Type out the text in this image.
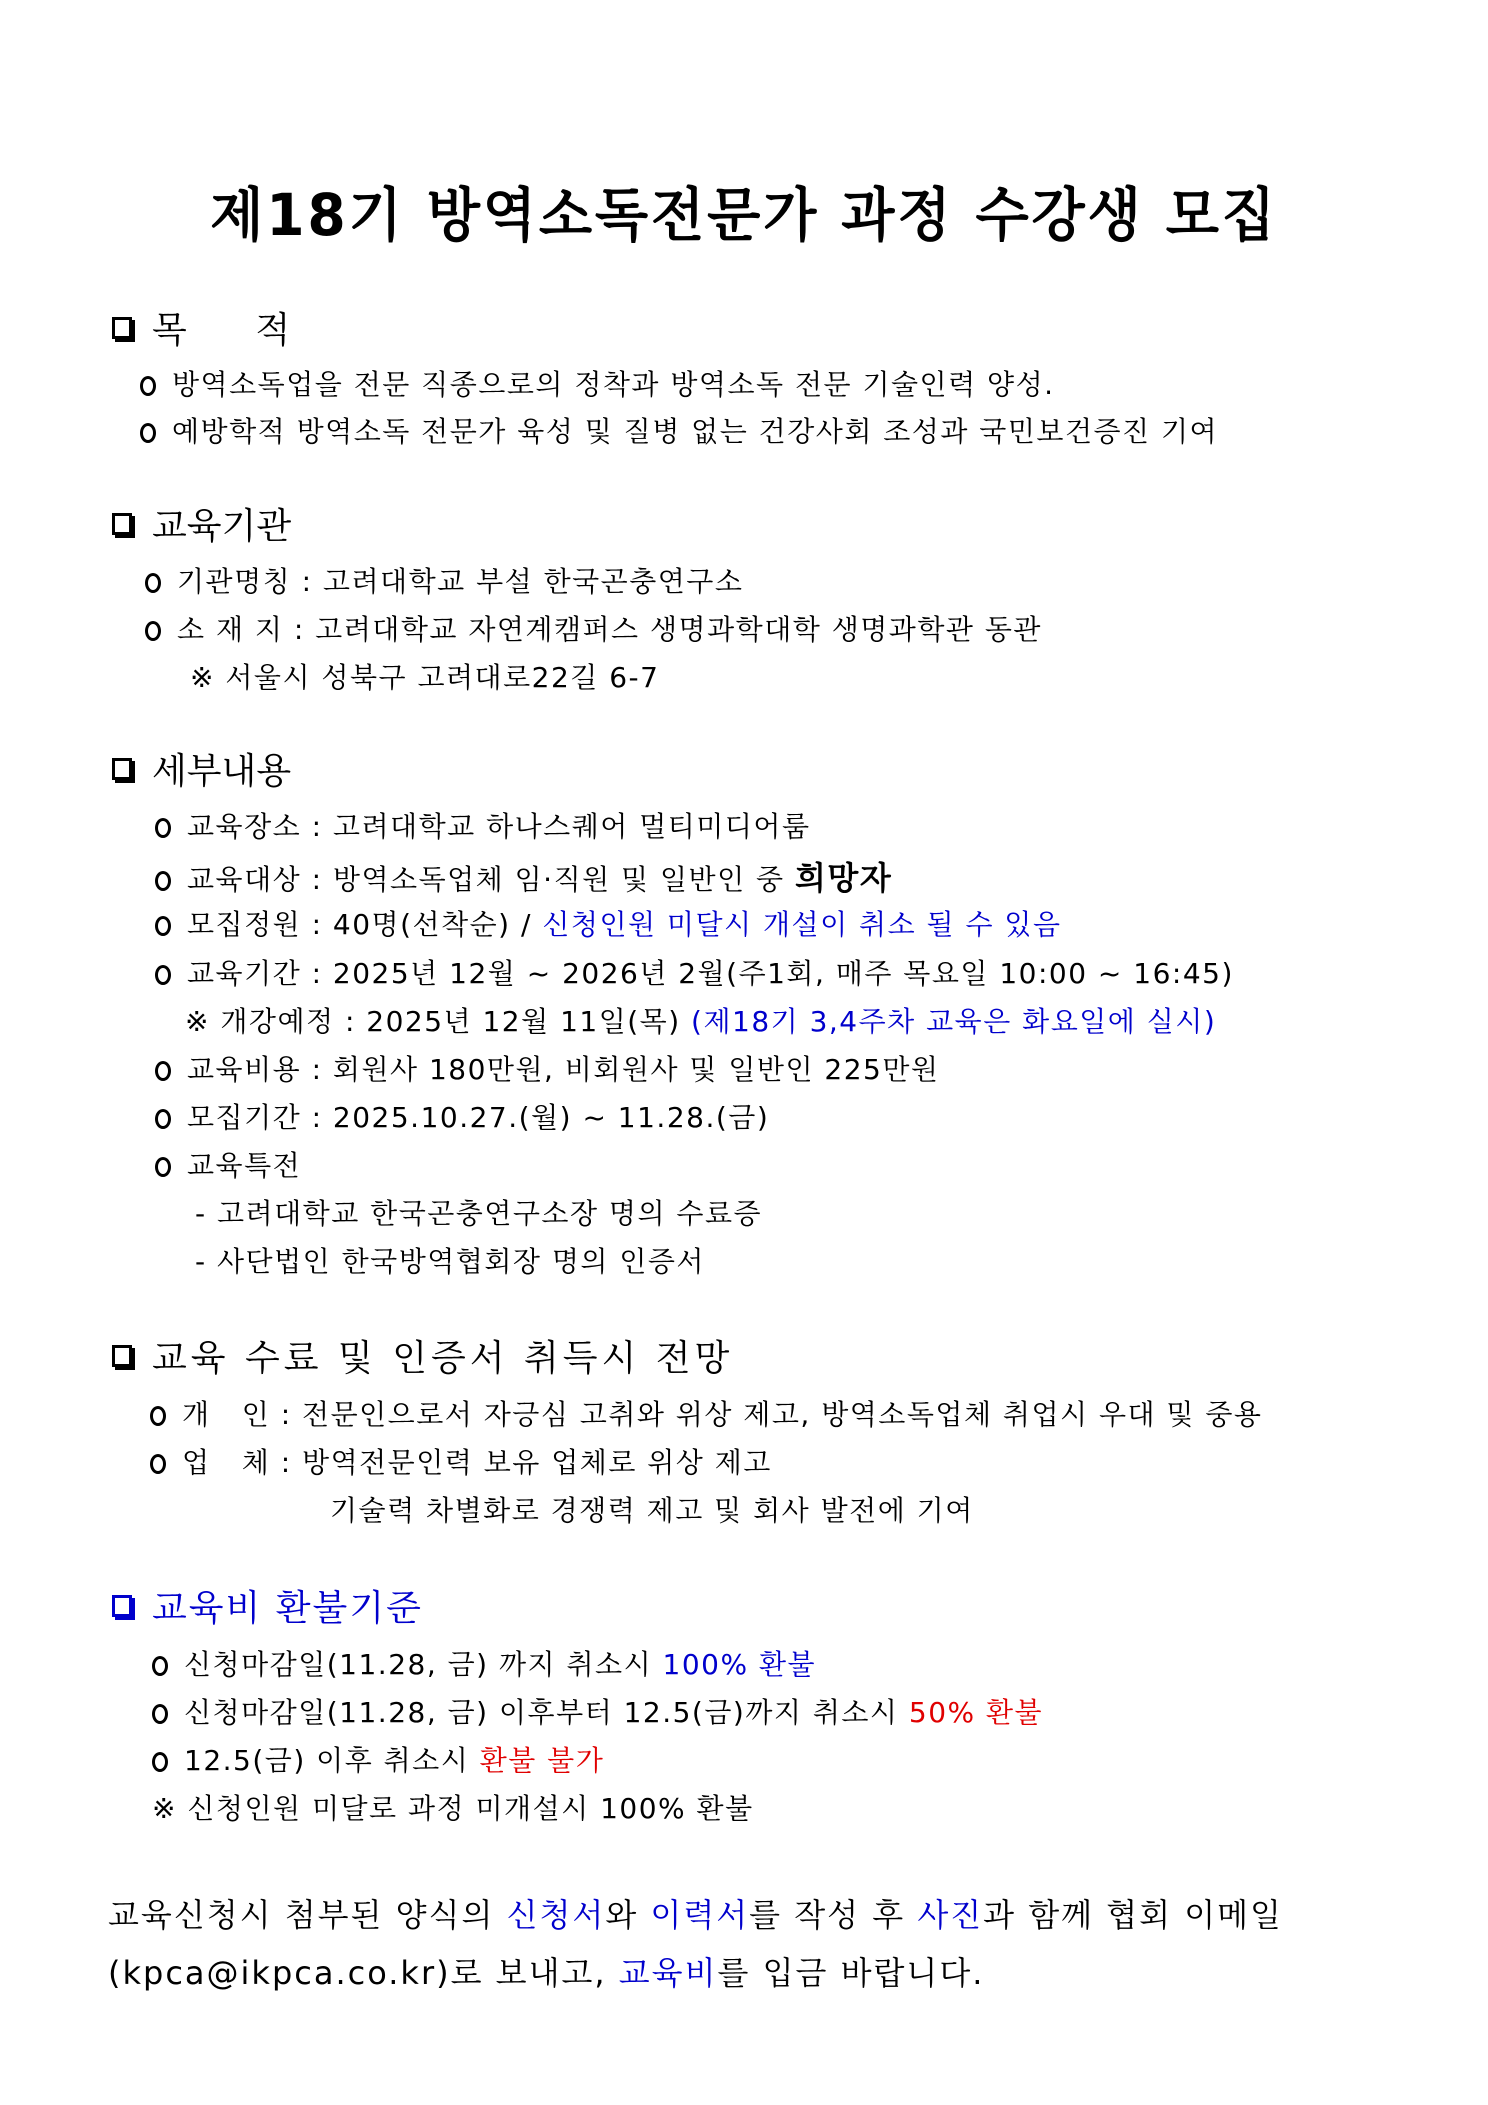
제18기 방역소독전문가 과정 수강생 모집
목      적
방역소독업을 전문 직종으로의 정착과 방역소독 전문 기술인력 양성.
예방학적 방역소독 전문가 육성 및 질병 없는 건강사회 조성과 국민보건증진 기여
교육기관
기관명칭 : 고려대학교 부설 한국곤충연구소
소 재 지 : 고려대학교 자연계캠퍼스 생명과학대학 생명과학관 동관
※ 서울시 성북구 고려대로22길 6-7
세부내용
교육장소 : 고려대학교 하나스퀘어 멀티미디어룸
교육대상 : 방역소독업체 임·직원 및 일반인 중 희망자
모집정원 : 40명(선착순) / 신청인원 미달시 개설이 취소 될 수 있음
교육기간 : 2025년 12월 ~ 2026년 2월(주1회, 매주 목요일 10:00 ~ 16:45)
※ 개강예정 : 2025년 12월 11일(목) (제18기 3,4주차 교육은 화요일에 실시)
교육비용 : 회원사 180만원, 비회원사 및 일반인 225만원
모집기간 : 2025.10.27.(월) ~ 11.28.(금)
교육특전
- 고려대학교 한국곤충연구소장 명의 수료증
- 사단법인 한국방역협회장 명의 인증서
교육 수료 및 인증서 취득시 전망
개   인 : 전문인으로서 자긍심 고취와 위상 제고, 방역소독업체 취업시 우대 및 중용
업   체 : 방역전문인력 보유 업체로 위상 제고
기술력 차별화로 경쟁력 제고 및 회사 발전에 기여
교육비 환불기준
신청마감일(11.28, 금) 까지 취소시 100% 환불
신청마감일(11.28, 금) 이후부터 12.5(금)까지 취소시 50% 환불
12.5(금) 이후 취소시 환불 불가
※ 신청인원 미달로 과정 미개설시 100% 환불
교육신청시 첨부된 양식의 신청서와 이력서를 작성 후 사진과 함께 협회 이메일
(kpca@ikpca.co.kr)로 보내고, 교육비를 입금 바랍니다.
